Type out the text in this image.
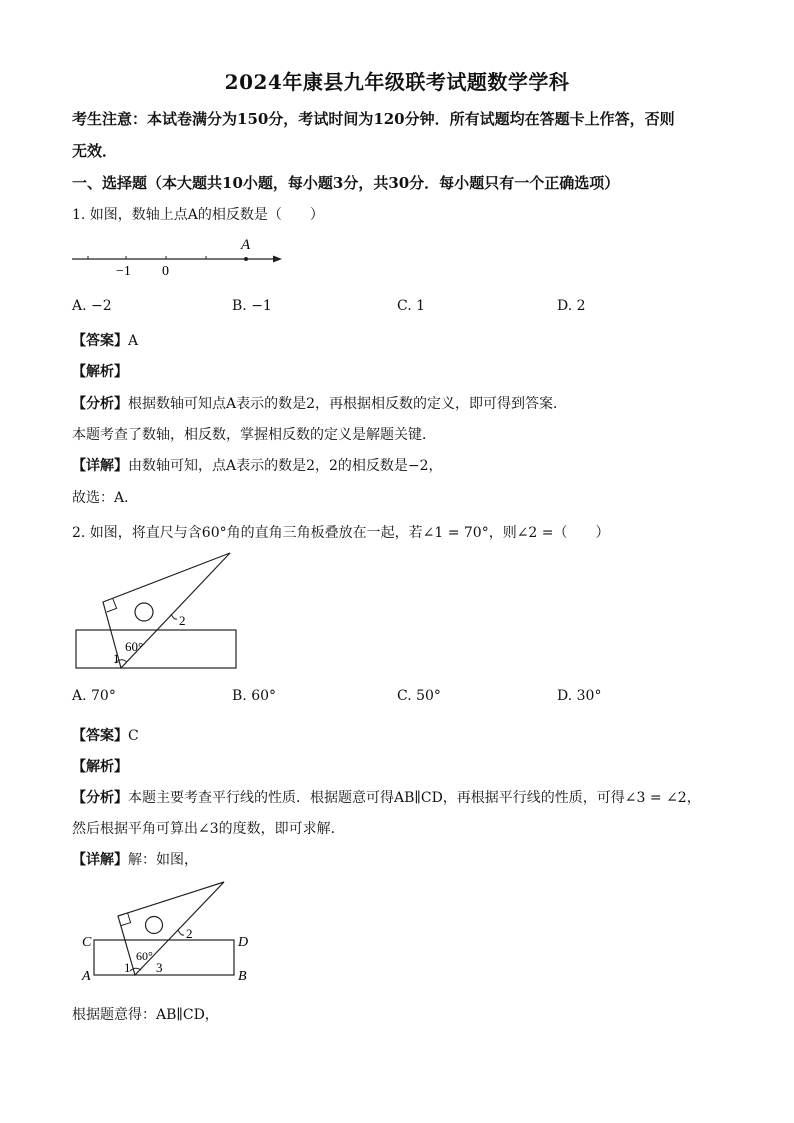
2024年康县九年级联考试题数学学科
考生注意：本试卷满分为150分，考试时间为120分钟．所有试题均在答题卡上作答，否则
无效．
一、选择题（本大题共10小题，每小题3分，共30分．每小题只有一个正确选项）
1. 如图，数轴上点A的相反数是（　　）
A
−1 0
A. −2	B. −1	C. 1	D. 2
【答案】A
【解析】
【分析】根据数轴可知点A表示的数是2，再根据相反数的定义，即可得到答案．
本题考查了数轴，相反数，掌握相反数的定义是解题关键．
【详解】由数轴可知，点A表示的数是2，2的相反数是−2，
故选：A．
2. 如图，将直尺与含60°角的直角三角板叠放在一起，若∠1 = 70°，则∠2 =（　　）
60°
1
2
A. 70°	B. 60°	C. 50°	D. 30°
【答案】C
【解析】
【分析】本题主要考查平行线的性质．根据题意可得AB∥CD，再根据平行线的性质，可得∠3 = ∠2，
然后根据平角可算出∠3的度数，即可求解．
【详解】解：如图，
C	D
A	B
60°
1 3
2
根据题意得：AB∥CD，
